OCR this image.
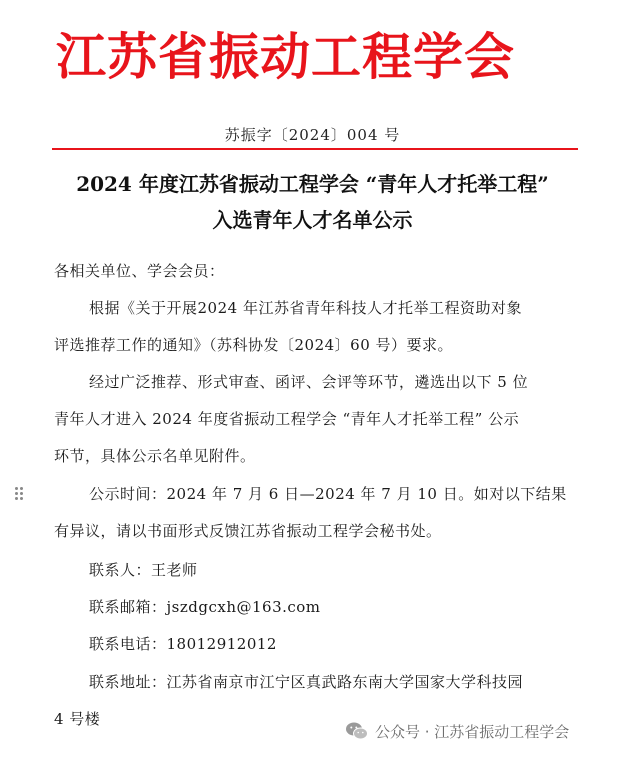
江苏省振动工程学会
苏振字〔2024〕004 号
2024 年度江苏省振动工程学会 “青年人才托举工程”
入选青年人才名单公示
各相关单位、学会会员：
根据《关于开展2024 年江苏省青年科技人才托举工程资助对象
评选推荐工作的通知》（苏科协发〔2024〕60 号）要求。
经过广泛推荐、形式审查、函评、会评等环节，遴选出以下 5 位
青年人才进入 2024 年度省振动工程学会 “青年人才托举工程” 公示
环节，具体公示名单见附件。
公示时间：2024 年 7 月 6 日—2024 年 7 月 10 日。如对以下结果
有异议，请以书面形式反馈江苏省振动工程学会秘书处。
联系人：王老师
联系邮箱：jszdgcxh@163.com
联系电话：18012912012
联系地址：江苏省南京市江宁区真武路东南大学国家大学科技园
4 号楼
公众号 · 江苏省振动工程学会
